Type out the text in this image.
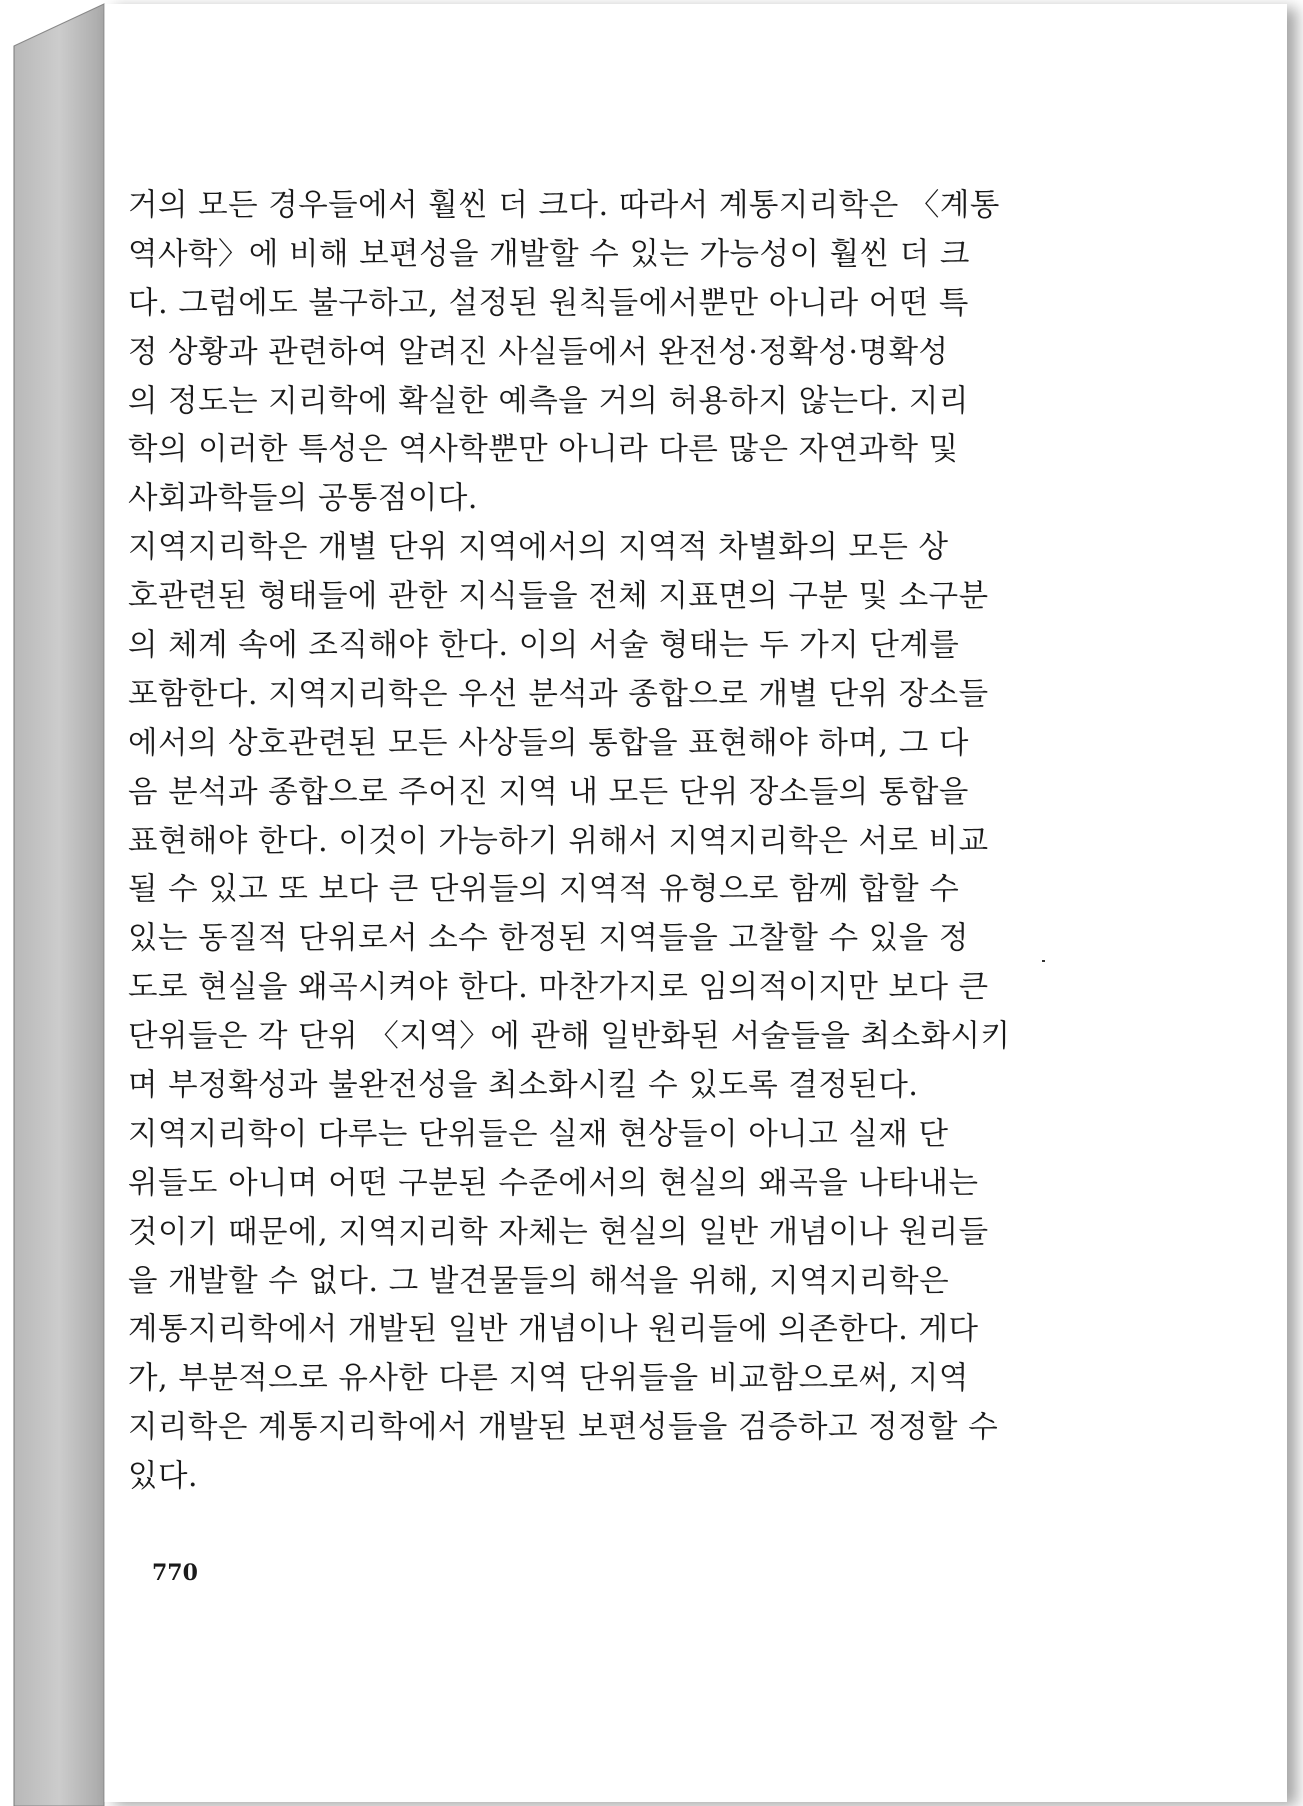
거의 모든 경우들에서 훨씬 더 크다. 따라서 계통지리학은 〈계통
역사학〉에 비해 보편성을 개발할 수 있는 가능성이 훨씬 더 크
다. 그럼에도 불구하고, 설정된 원칙들에서뿐만 아니라 어떤 특
정 상황과 관련하여 알려진 사실들에서 완전성·정확성·명확성
의 정도는 지리학에 확실한 예측을 거의 허용하지 않는다. 지리
학의 이러한 특성은 역사학뿐만 아니라 다른 많은 자연과학 및
사회과학들의 공통점이다.
지역지리학은 개별 단위 지역에서의 지역적 차별화의 모든 상
호관련된 형태들에 관한 지식들을 전체 지표면의 구분 및 소구분
의 체계 속에 조직해야 한다. 이의 서술 형태는 두 가지 단계를
포함한다. 지역지리학은 우선 분석과 종합으로 개별 단위 장소들
에서의 상호관련된 모든 사상들의 통합을 표현해야 하며, 그 다
음 분석과 종합으로 주어진 지역 내 모든 단위 장소들의 통합을
표현해야 한다. 이것이 가능하기 위해서 지역지리학은 서로 비교
될 수 있고 또 보다 큰 단위들의 지역적 유형으로 함께 합할 수
있는 동질적 단위로서 소수 한정된 지역들을 고찰할 수 있을 정
도로 현실을 왜곡시켜야 한다. 마찬가지로 임의적이지만 보다 큰
단위들은 각 단위 〈지역〉에 관해 일반화된 서술들을 최소화시키
며 부정확성과 불완전성을 최소화시킬 수 있도록 결정된다.
지역지리학이 다루는 단위들은 실재 현상들이 아니고 실재 단
위들도 아니며 어떤 구분된 수준에서의 현실의 왜곡을 나타내는
것이기 때문에, 지역지리학 자체는 현실의 일반 개념이나 원리들
을 개발할 수 없다. 그 발견물들의 해석을 위해, 지역지리학은
계통지리학에서 개발된 일반 개념이나 원리들에 의존한다. 게다
가, 부분적으로 유사한 다른 지역 단위들을 비교함으로써, 지역
지리학은 계통지리학에서 개발된 보편성들을 검증하고 정정할 수
있다.
770
